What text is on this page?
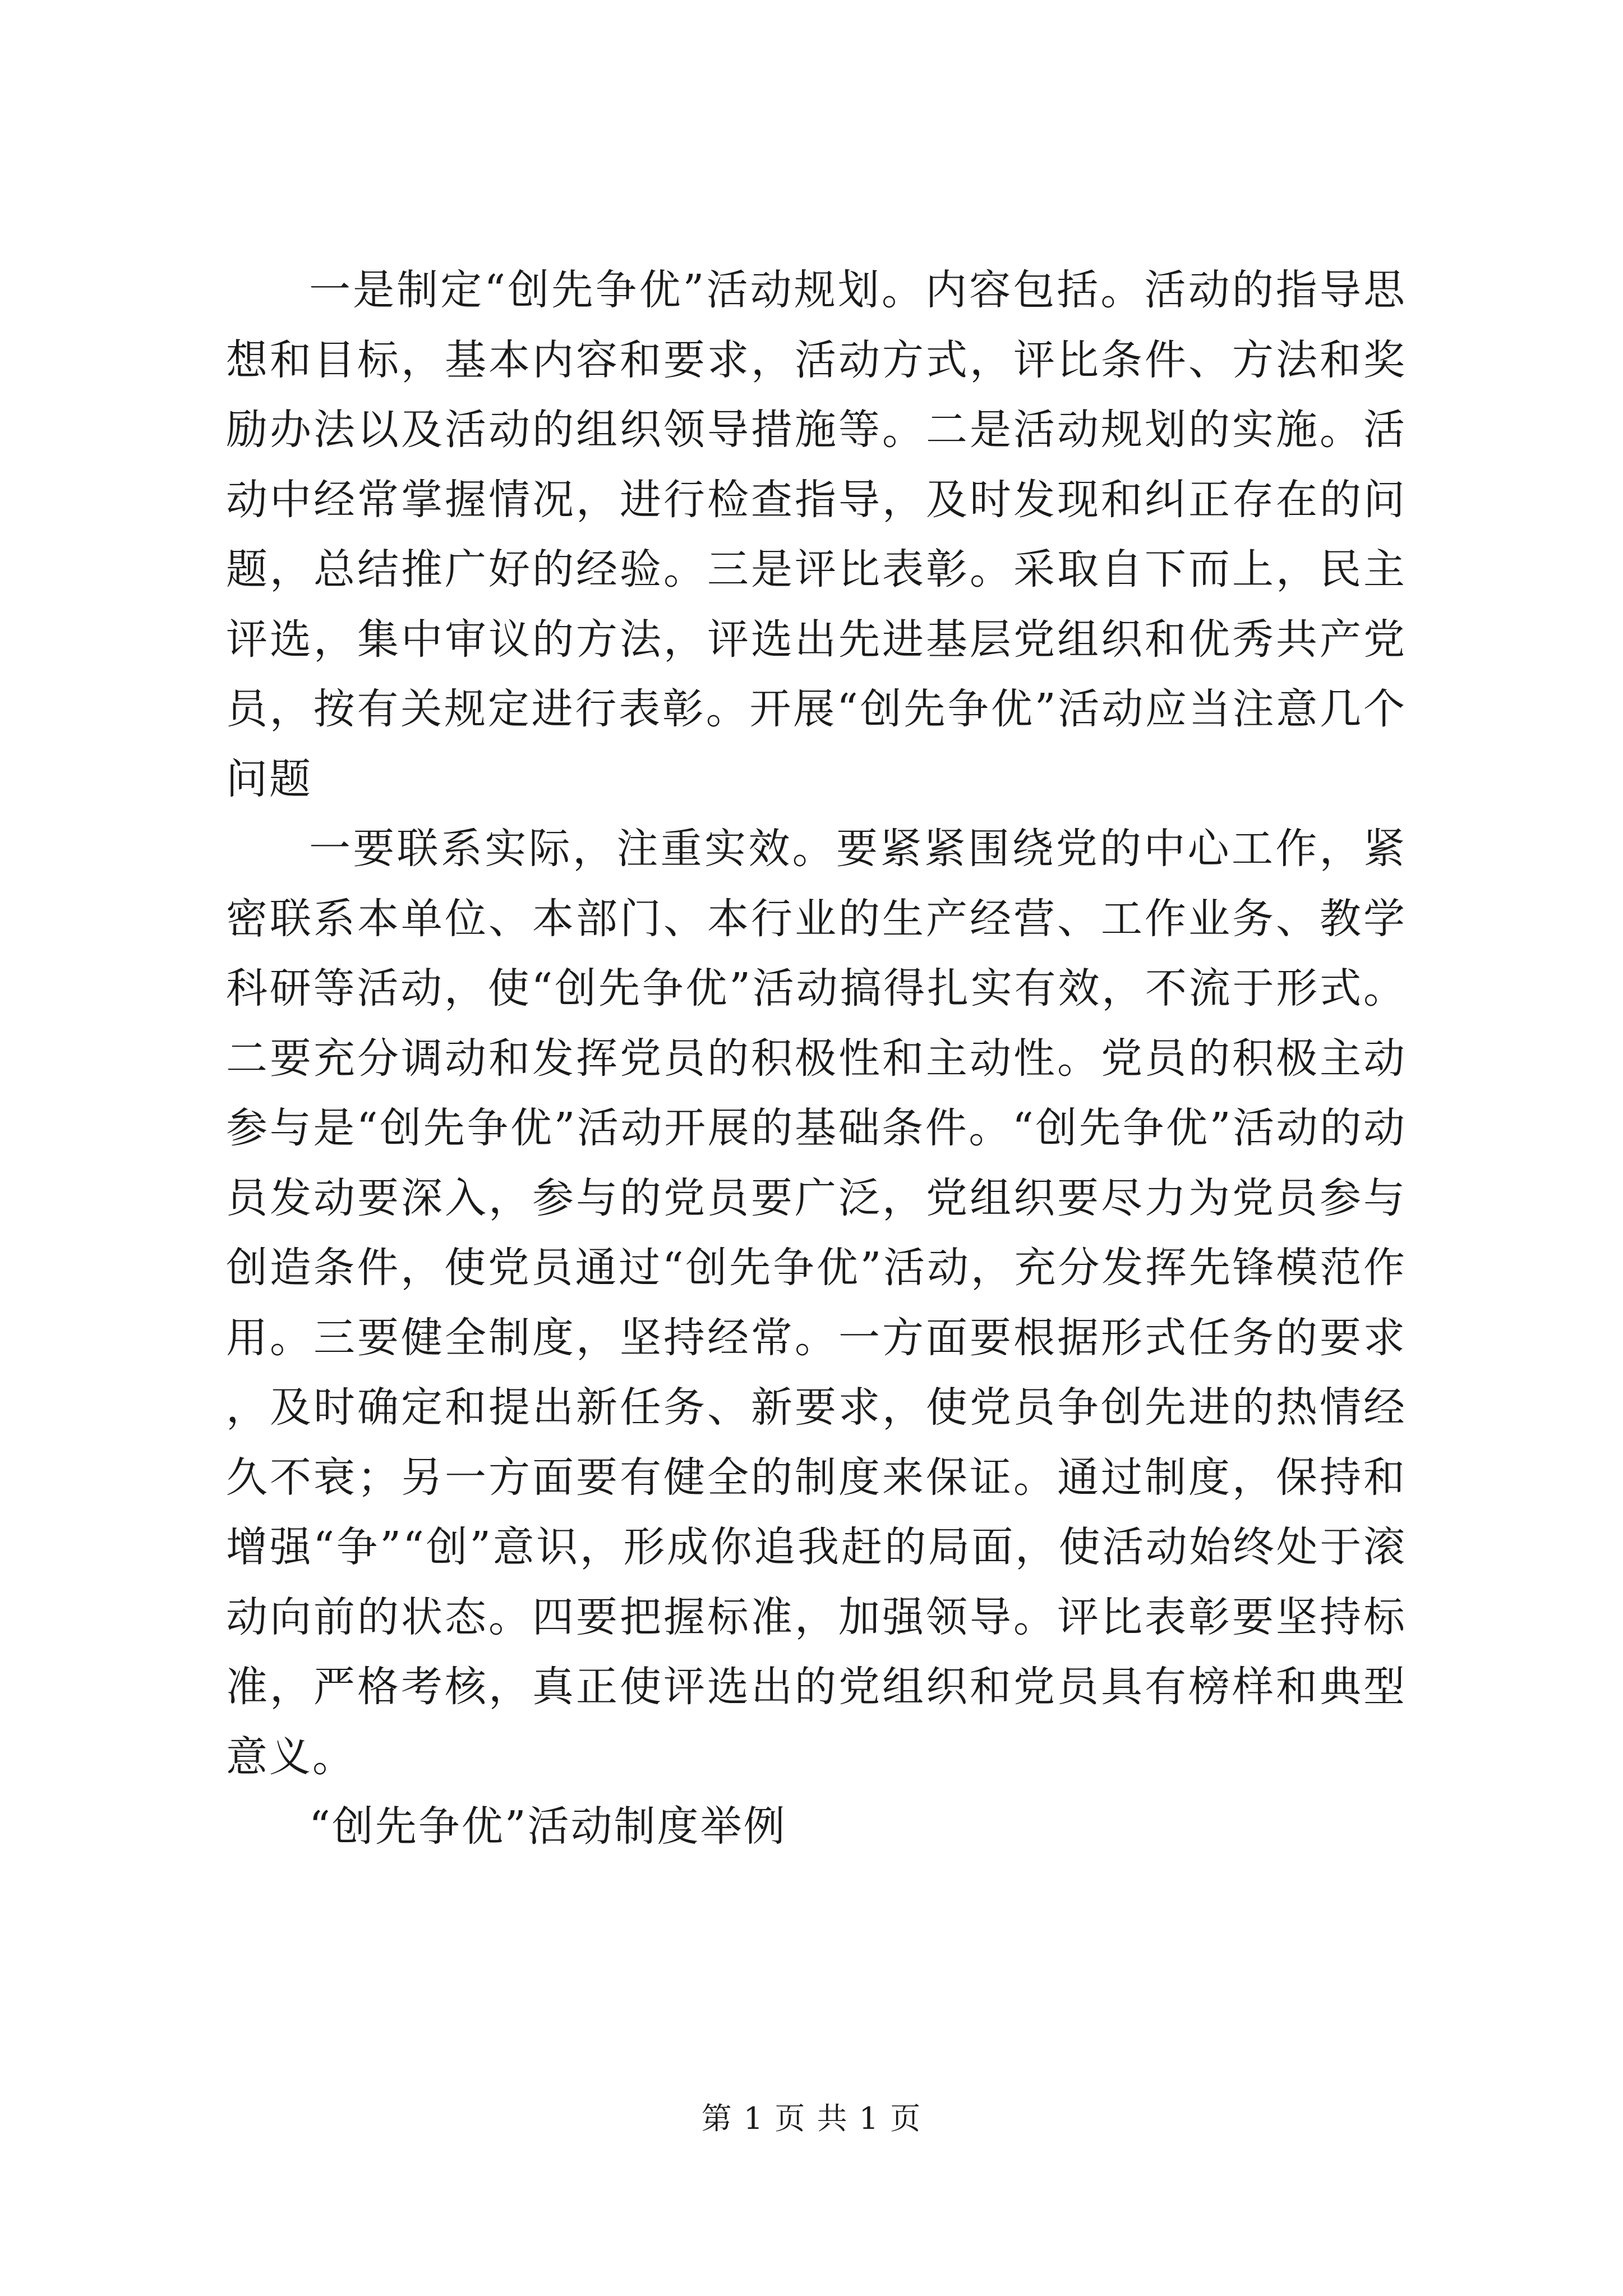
一是制定“创先争优”活动规划。内容包括。活动的指导思想和目标，基本内容和要求，活动方式，评比条件、方法和奖励办法以及活动的组织领导措施等。二是活动规划的实施。活动中经常掌握情况，进行检查指导，及时发现和纠正存在的问题，总结推广好的经验。三是评比表彰。采取自下而上，民主评选，集中审议的方法，评选出先进基层党组织和优秀共产党员，按有关规定进行表彰。开展“创先争优”活动应当注意几个问题

一要联系实际，注重实效。要紧紧围绕党的中心工作，紧密联系本单位、本部门、本行业的生产经营、工作业务、教学科研等活动，使“创先争优”活动搞得扎实有效，不流于形式。二要充分调动和发挥党员的积极性和主动性。党员的积极主动参与是“创先争优”活动开展的基础条件。“创先争优”活动的动员发动要深入，参与的党员要广泛，党组织要尽力为党员参与创造条件，使党员通过“创先争优”活动，充分发挥先锋模范作用。三要健全制度，坚持经常。一方面要根据形式任务的要求，及时确定和提出新任务、新要求，使党员争创先进的热情经久不衰；另一方面要有健全的制度来保证。通过制度，保持和增强“争”“创”意识，形成你追我赶的局面，使活动始终处于滚动向前的状态。四要把握标准，加强领导。评比表彰要坚持标准，严格考核，真正使评选出的党组织和党员具有榜样和典型意义。

“创先争优”活动制度举例

第 1 页 共 1 页
